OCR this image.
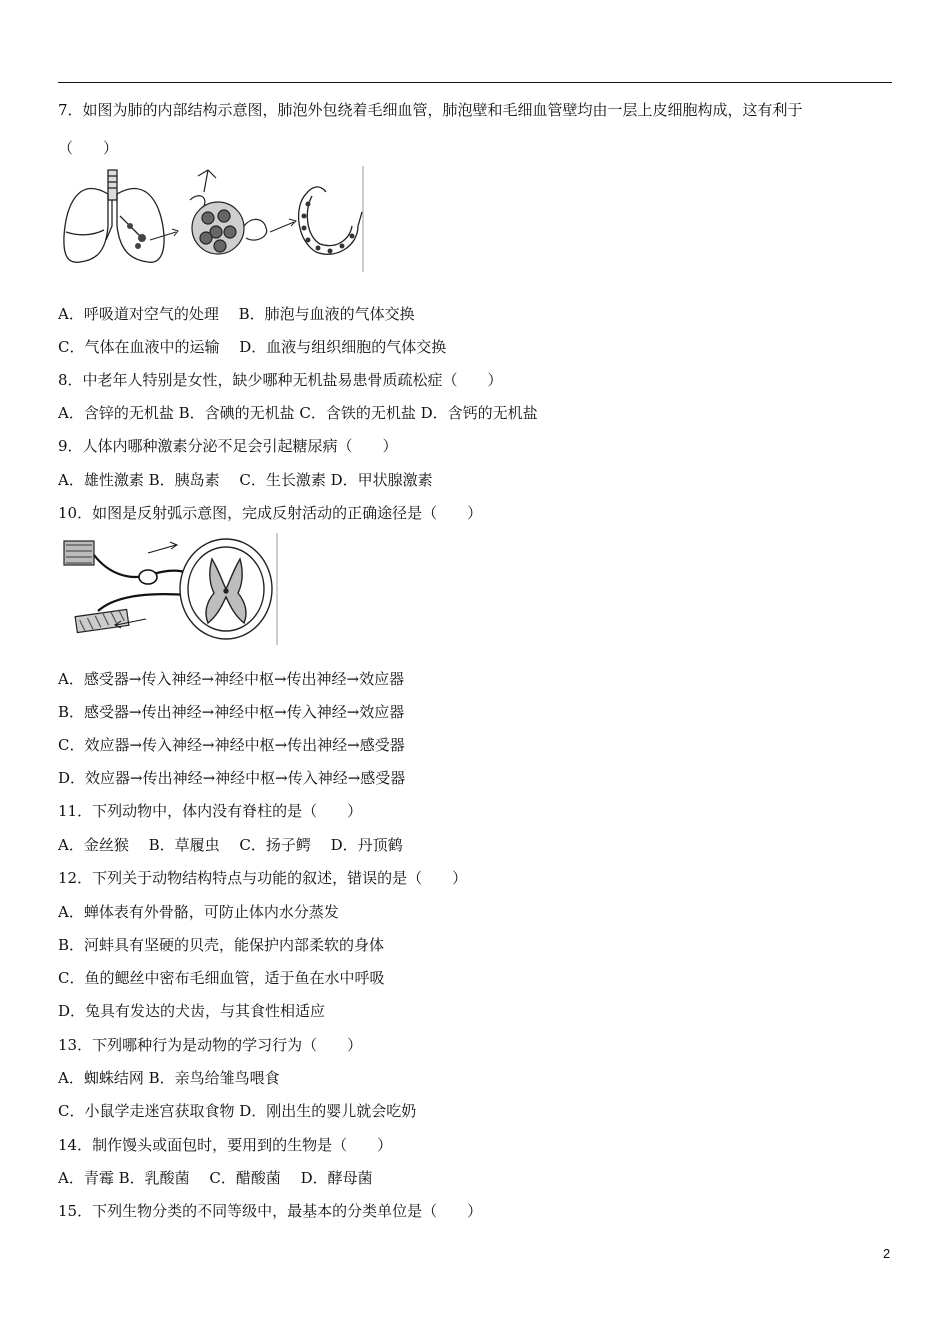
7．如图为肺的内部结构示意图，肺泡外包绕着毛细血管，肺泡壁和毛细血管壁均由一层上皮细胞构成，这有利于
（　　）
A．呼吸道对空气的处理　 B．肺泡与血液的气体交换
C．气体在血液中的运输　 D．血液与组织细胞的气体交换
8．中老年人特别是女性，缺少哪种无机盐易患骨质疏松症（　　）
A．含锌的无机盐 B．含碘的无机盐 C．含铁的无机盐 D．含钙的无机盐
9．人体内哪种激素分泌不足会引起糖尿病（　　）
A．雄性激素 B．胰岛素　 C．生长激素 D．甲状腺激素
10．如图是反射弧示意图，完成反射活动的正确途径是（　　）
A．感受器→传入神经→神经中枢→传出神经→效应器
B．感受器→传出神经→神经中枢→传入神经→效应器
C．效应器→传入神经→神经中枢→传出神经→感受器
D．效应器→传出神经→神经中枢→传入神经→感受器
11．下列动物中，体内没有脊柱的是（　　）
A．金丝猴　 B．草履虫　 C．扬子鳄　 D．丹顶鹤
12．下列关于动物结构特点与功能的叙述，错误的是（　　）
A．蝉体表有外骨骼，可防止体内水分蒸发
B．河蚌具有坚硬的贝壳，能保护内部柔软的身体
C．鱼的鳃丝中密布毛细血管，适于鱼在水中呼吸
D．兔具有发达的犬齿，与其食性相适应
13．下列哪种行为是动物的学习行为（　　）
A．蜘蛛结网 B．亲鸟给雏鸟喂食
C．小鼠学走迷宫获取食物 D．刚出生的婴儿就会吃奶
14．制作馒头或面包时，要用到的生物是（　　）
A．青霉 B．乳酸菌　 C．醋酸菌　 D．酵母菌
15．下列生物分类的不同等级中，最基本的分类单位是（　　）
2
